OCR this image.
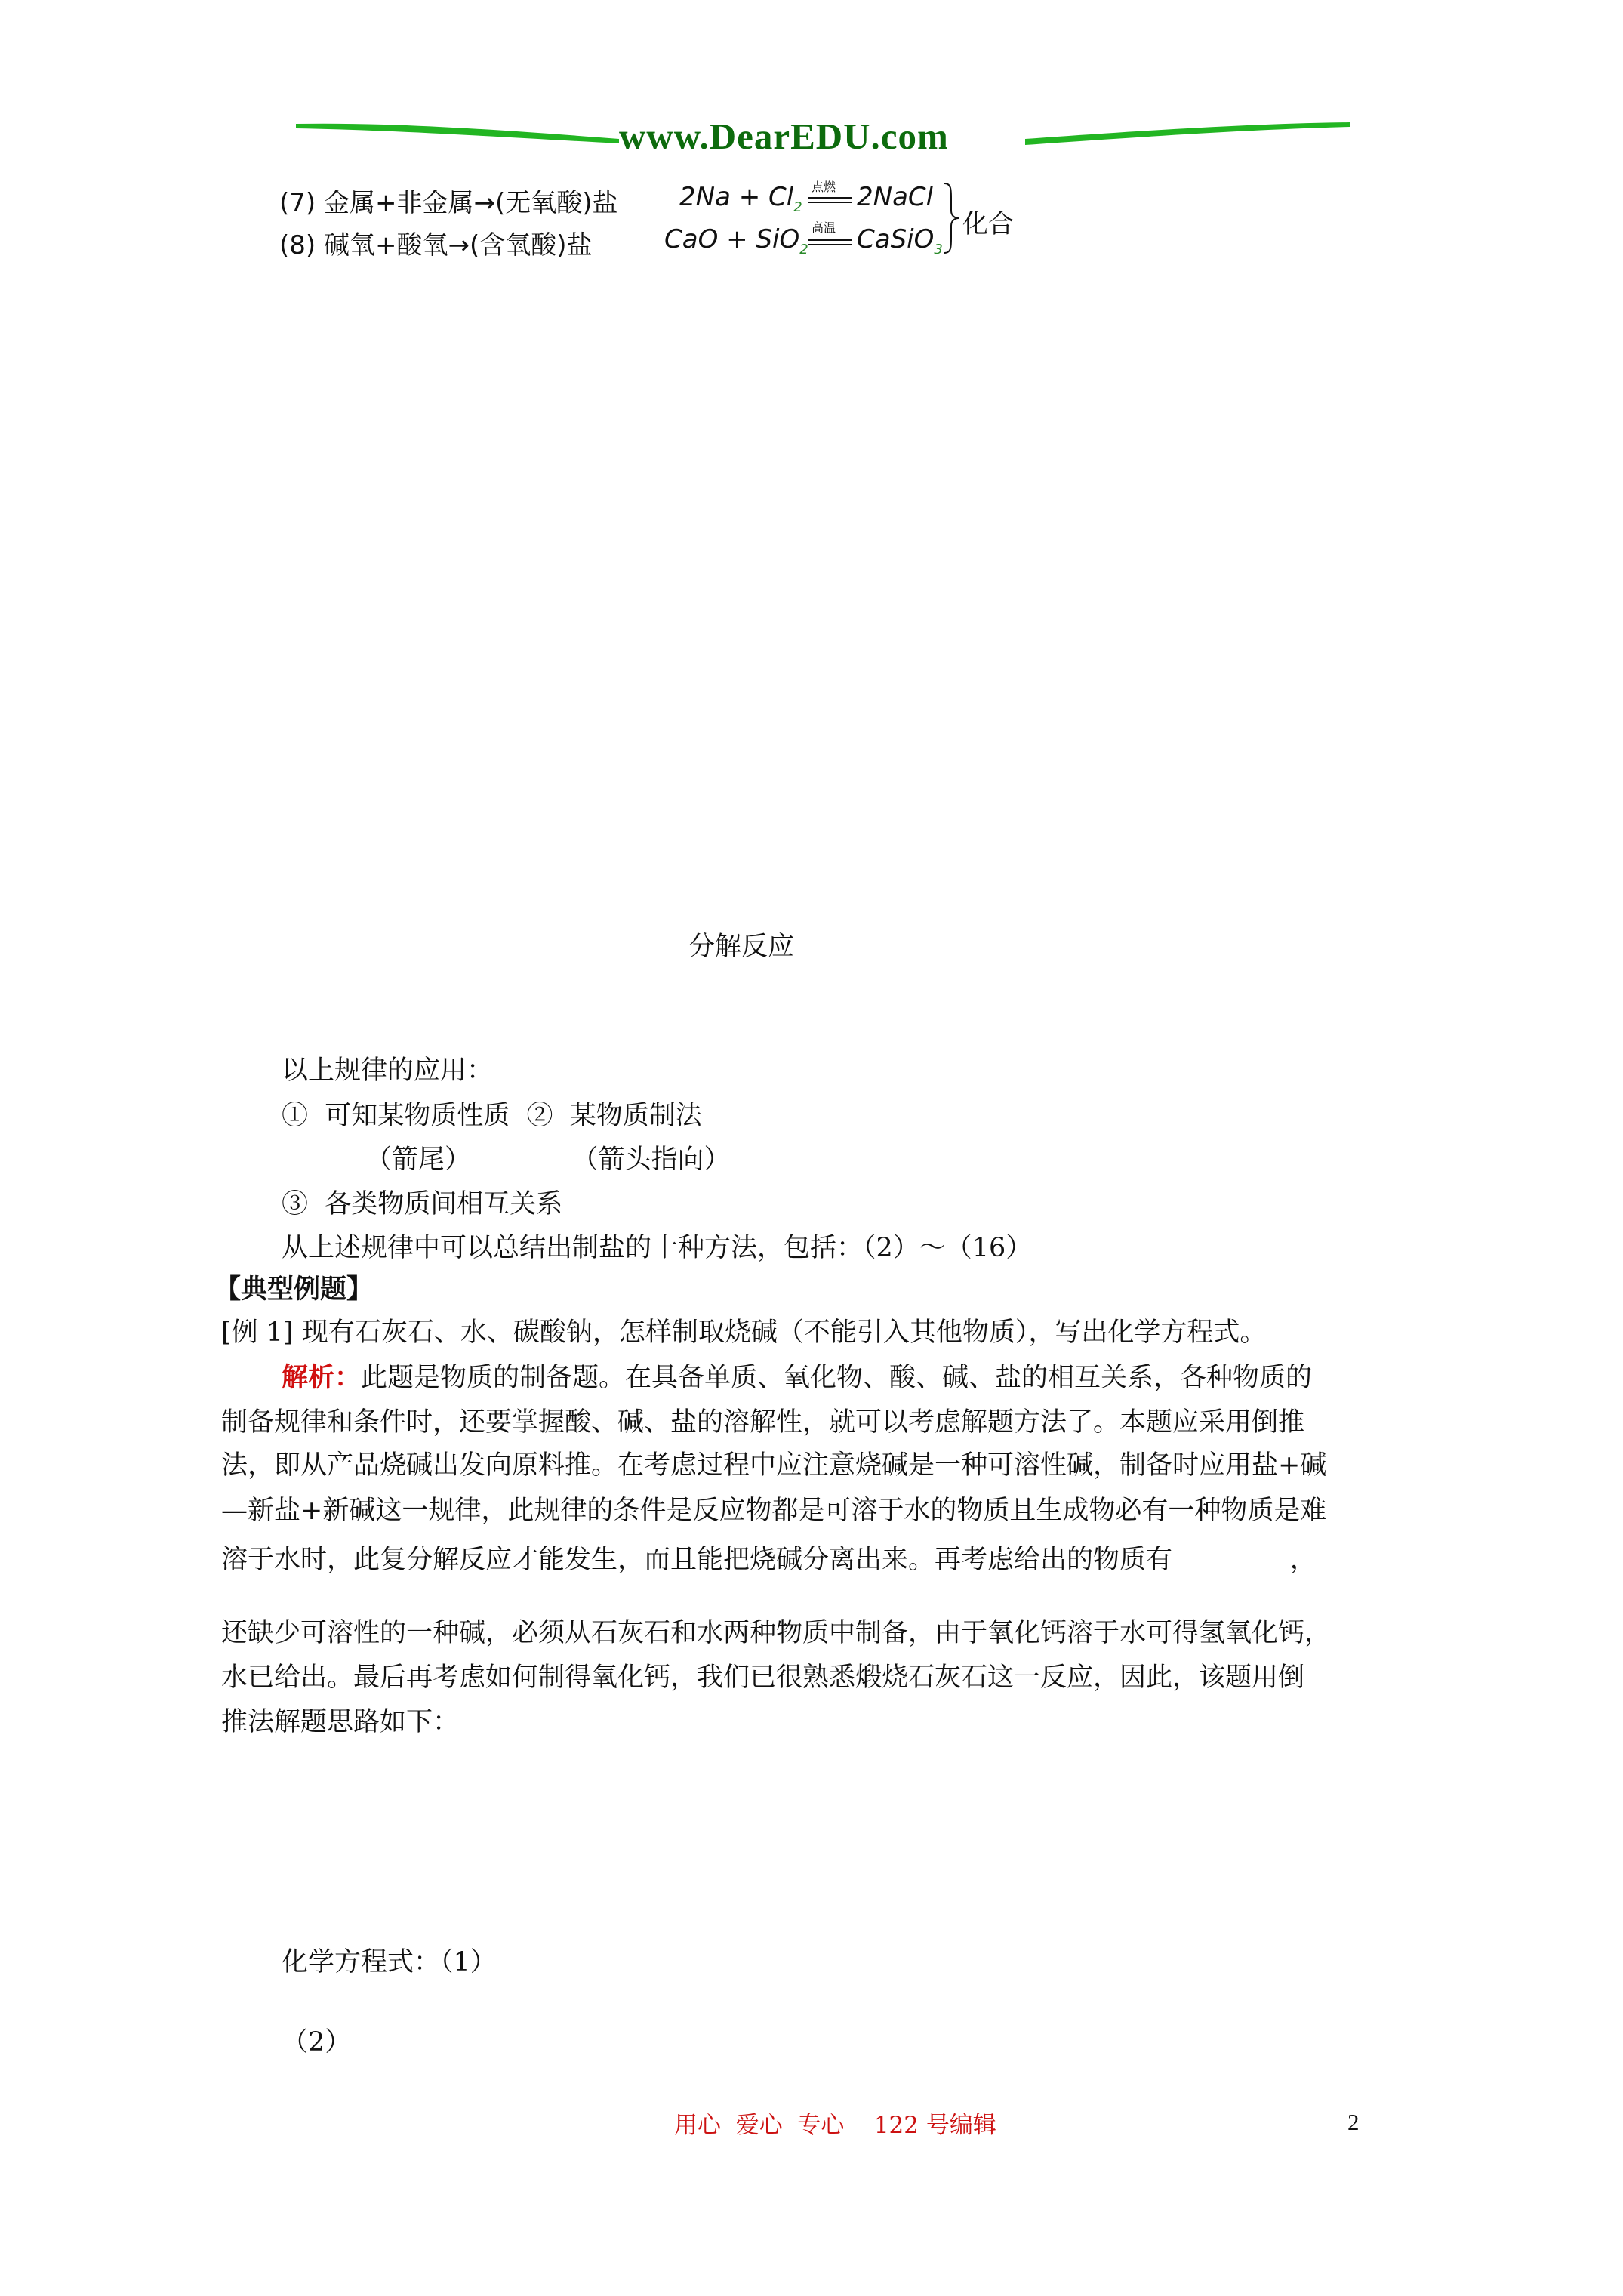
www.DearEDU.com
(7) 金属+非金属→(无氧酸)盐 $2Na + Cl_2$
点燃 2NaCl
(8) 碱氧+酸氧→(含氧酸)盐	CaO + SiO$_2$
高温 CaSiO$_3$
化合
分解反应
以上规律的应用：
①  可知某物质性质  ②  某物质制法
（箭尾）            （箭头指向）
③  各类物质间相互关系
从上述规律中可以总结出制盐的十种方法，包括：（2）～（16）
【典型例题】
[例 1] 现有石灰石、水、碳酸钠，怎样制取烧碱（不能引入其他物质），写出化学方程式。
解析：此题是物质的制备题。在具备单质、氧化物、酸、碱、盐的相互关系，各种物质的
制备规律和条件时，还要掌握酸、碱、盐的溶解性，就可以考虑解题方法了。本题应采用倒推
法，即从产品烧碱出发向原料推。在考虑过程中应注意烧碱是一种可溶性碱，制备时应用盐+碱
—新盐+新碱这一规律，此规律的条件是反应物都是可溶于水的物质且生成物必有一种物质是难
溶于水时，此复分解反应才能发生，而且能把烧碱分离出来。再考虑给出的物质有              ，
还缺少可溶性的一种碱，必须从石灰石和水两种物质中制备，由于氧化钙溶于水可得氢氧化钙，
水已给出。最后再考虑如何制得氧化钙，我们已很熟悉煅烧石灰石这一反应，因此，该题用倒
推法解题思路如下：
化学方程式：（1）
（2）
用心  爱心  专心    122 号编辑	2
